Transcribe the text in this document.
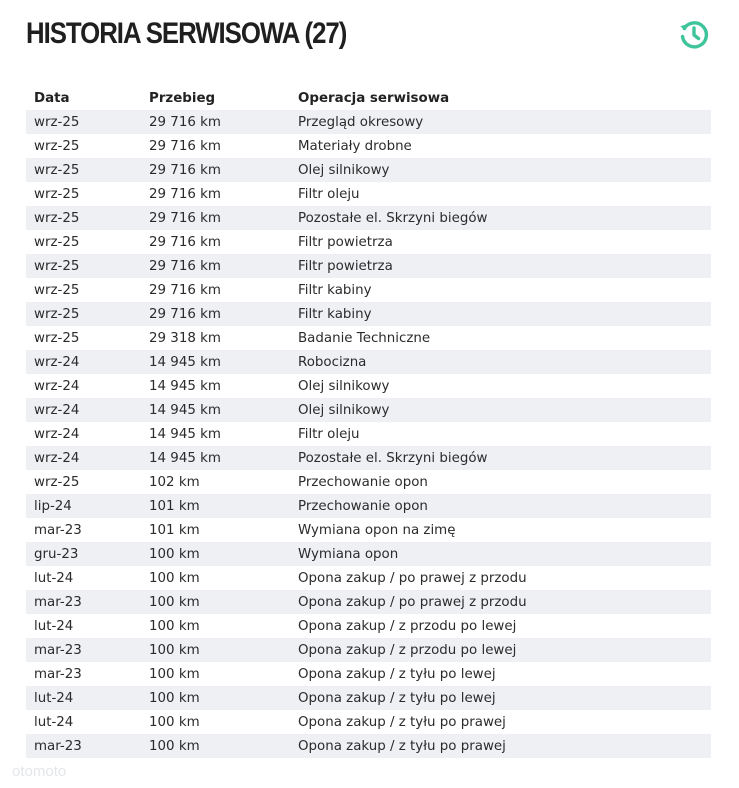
HISTORIA SERWISOWA (27)
Data	Przebieg	Operacja serwisowa
wrz-25	29 716 km	Przegląd okresowy
wrz-25	29 716 km	Materiały drobne
wrz-25	29 716 km	Olej silnikowy
wrz-25	29 716 km	Filtr oleju
wrz-25	29 716 km	Pozostałe el. Skrzyni biegów
wrz-25	29 716 km	Filtr powietrza
wrz-25	29 716 km	Filtr powietrza
wrz-25	29 716 km	Filtr kabiny
wrz-25	29 716 km	Filtr kabiny
wrz-25	29 318 km	Badanie Techniczne
wrz-24	14 945 km	Robocizna
wrz-24	14 945 km	Olej silnikowy
wrz-24	14 945 km	Olej silnikowy
wrz-24	14 945 km	Filtr oleju
wrz-24	14 945 km	Pozostałe el. Skrzyni biegów
wrz-25	102 km	Przechowanie opon
lip-24	101 km	Przechowanie opon
mar-23	101 km	Wymiana opon na zimę
gru-23	100 km	Wymiana opon
lut-24	100 km	Opona zakup / po prawej z przodu
mar-23	100 km	Opona zakup / po prawej z przodu
lut-24	100 km	Opona zakup / z przodu po lewej
mar-23	100 km	Opona zakup / z przodu po lewej
mar-23	100 km	Opona zakup / z tyłu po lewej
lut-24	100 km	Opona zakup / z tyłu po lewej
lut-24	100 km	Opona zakup / z tyłu po prawej
mar-23	100 km	Opona zakup / z tyłu po prawej
otomoto
